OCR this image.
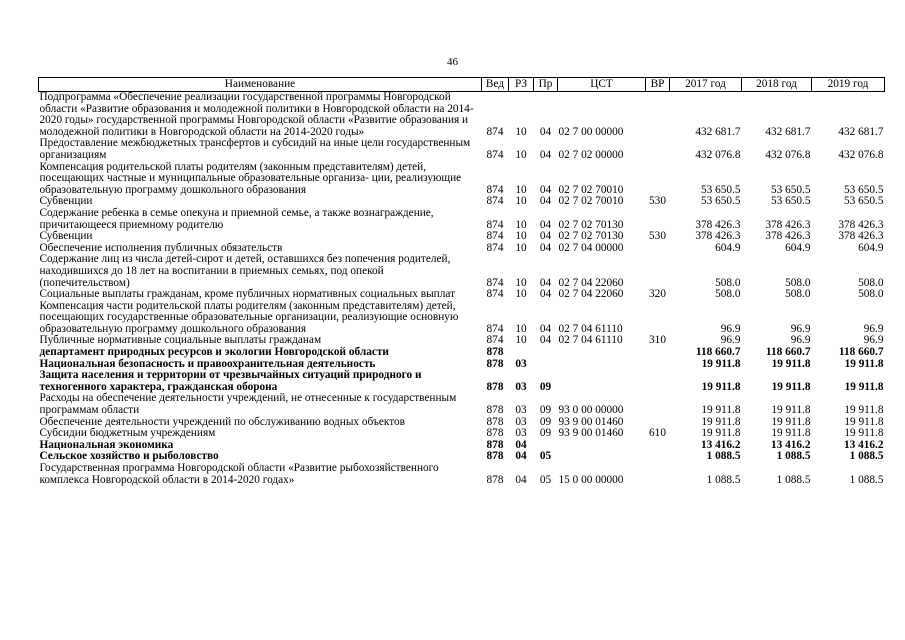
46
Наименование	Вед	РЗ	Пр	ЦСТ	ВР	2017 год	2018 год	2019 год
Подпрограмма «Обеспечение реализации государственной программы Новгородской области «Развитие образования и молодежной политики в Новгородской области на 2014-2020 годы» государственной программы Новгородской области «Развитие образования и молодежной политики в Новгородской области на 2014-2020 годы»	874	10	04	02 7 00 00000		432 681.7	432 681.7	432 681.7
Предоставление межбюджетных трансфертов и субсидий на иные цели государственным организациям	874	10	04	02 7 02 00000		432 076.8	432 076.8	432 076.8
Компенсация родительской платы родителям (законным представителям) детей, посещающих частные и муниципальные образовательные организа- ции, реализующие образовательную программу дошкольного образования	874	10	04	02 7 02 70010		53 650.5	53 650.5	53 650.5
Субвенции	874	10	04	02 7 02 70010	530	53 650.5	53 650.5	53 650.5
Содержание ребенка в семье опекуна и приемной семье, а также вознаграждение, причитающееся приемному родителю	874	10	04	02 7 02 70130		378 426.3	378 426.3	378 426.3
Субвенции	874	10	04	02 7 02 70130	530	378 426.3	378 426.3	378 426.3
Обеспечение исполнения публичных обязательств	874	10	04	02 7 04 00000		604.9	604.9	604.9
Содержание лиц из числа детей-сирот и детей, оставшихся без попечения родителей, находившихся до 18 лет на воспитании в приемных семьях, под опекой (попечительством)	874	10	04	02 7 04 22060		508.0	508.0	508.0
Социальные выплаты гражданам, кроме публичных нормативных социальных выплат	874	10	04	02 7 04 22060	320	508.0	508.0	508.0
Компенсация части родительской платы родителям (законным представителям) детей, посещающих государственные образовательные организации, реализующие основную образовательную программу дошкольного образования	874	10	04	02 7 04 61110		96.9	96.9	96.9
Публичные нормативные социальные выплаты гражданам	874	10	04	02 7 04 61110	310	96.9	96.9	96.9
департамент природных ресурсов и экологии Новгородской области	878					118 660.7	118 660.7	118 660.7
Национальная безопасность и правоохранительная деятельность	878	03				19 911.8	19 911.8	19 911.8
Защита населения и территории от чрезвычайных ситуаций природного и техногенного характера, гражданская оборона	878	03	09			19 911.8	19 911.8	19 911.8
Расходы на обеспечение деятельности учреждений, не отнесенные к государственным программам области	878	03	09	93 0 00 00000		19 911.8	19 911.8	19 911.8
Обеспечение деятельности учреждений по обслуживанию водных объектов	878	03	09	93 9 00 01460		19 911.8	19 911.8	19 911.8
Субсидии бюджетным учреждениям	878	03	09	93 9 00 01460	610	19 911.8	19 911.8	19 911.8
Национальная экономика	878	04				13 416.2	13 416.2	13 416.2
Сельское хозяйство и рыболовство	878	04	05			1 088.5	1 088.5	1 088.5
Государственная программа Новгородской области «Развитие рыбохозяйственного комплекса Новгородской области в 2014-2020 годах»	878	04	05	15 0 00 00000		1 088.5	1 088.5	1 088.5
